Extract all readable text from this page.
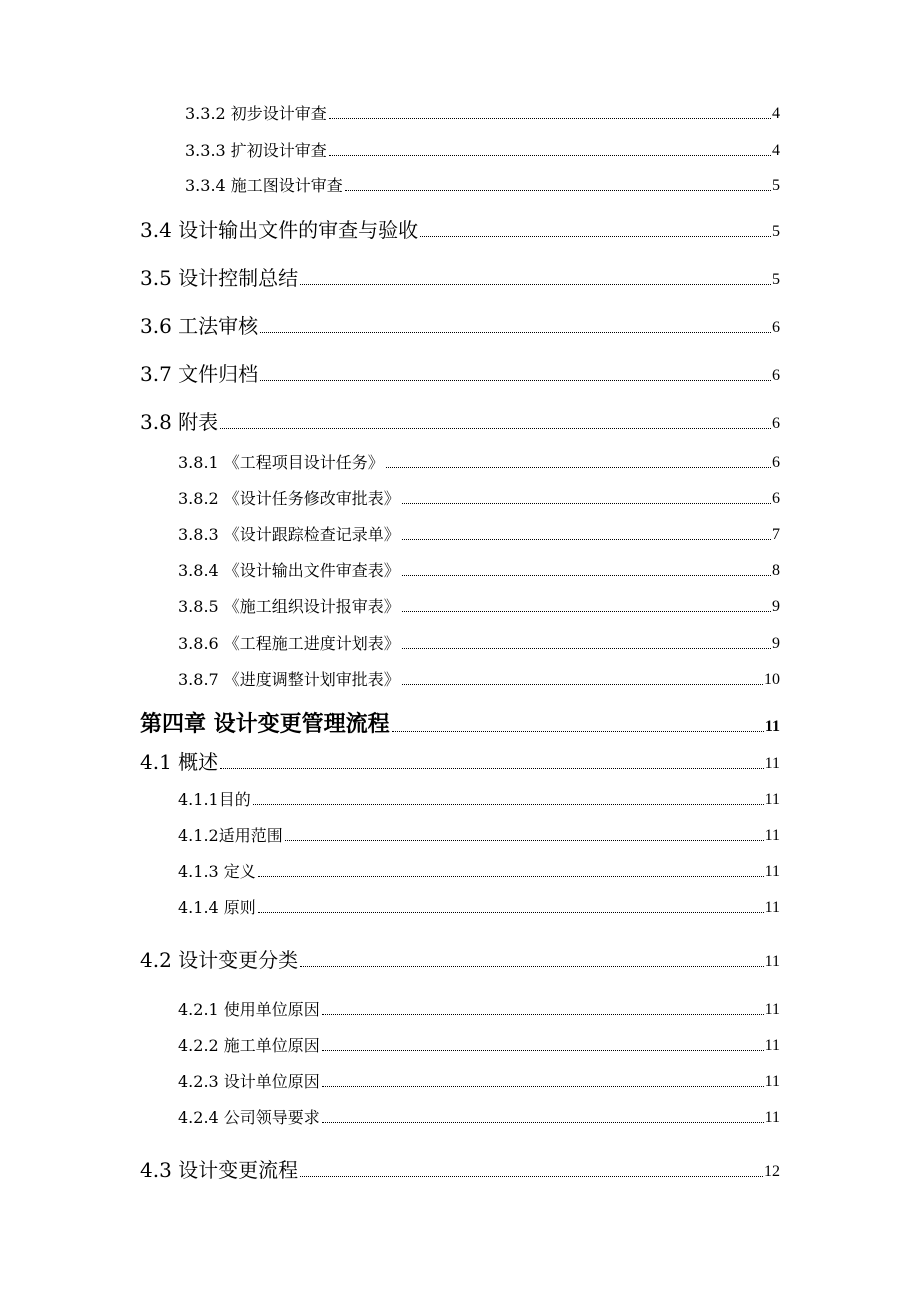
3.3.2 初步设计审查	4
3.3.3 扩初设计审查	4
3.3.4 施工图设计审查	5
3.4 设计输出文件的审查与验收	5
3.5 设计控制总结	5
3.6 工法审核	6
3.7 文件归档	6
3.8 附表	6
3.8.1 《工程项目设计任务》	6
3.8.2 《设计任务修改审批表》	6
3.8.3 《设计跟踪检查记录单》	7
3.8.4 《设计输出文件审查表》	8
3.8.5 《施工组织设计报审表》	9
3.8.6 《工程施工进度计划表》	9
3.8.7 《进度调整计划审批表》	10
第四章 设计变更管理流程	11
4.1 概述	11
4.1.1目的	11
4.1.2适用范围	11
4.1.3 定义	11
4.1.4 原则	11
4.2 设计变更分类	11
4.2.1 使用单位原因	11
4.2.2 施工单位原因	11
4.2.3 设计单位原因	11
4.2.4 公司领导要求	11
4.3 设计变更流程	12
